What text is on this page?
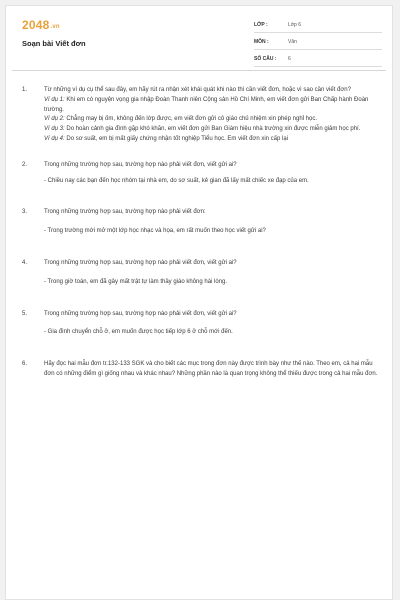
2048.vn
Soạn bài Viết đơn
LỚP :	Lớp 6
MÔN :	Văn
SỐ CÂU : 6
1.	Từ những ví dụ cụ thể sau đây, em hãy rút ra nhận xét khái quát khi nào thì cần viết đơn, hoặc vì sao cần viết đơn?

Ví dụ 1: Khi em có nguyện vọng gia nhập Đoàn Thanh niên Cộng sản Hồ Chí Minh, em viết đơn gửi Ban Chấp hành Đoàn trường.

Ví dụ 2: Chẳng may bị ốm, không đến lớp được, em viết đơn gửi cô giáo chủ nhiệm xin phép nghỉ học.

Ví dụ 3: Do hoàn cảnh gia đình gặp khó khăn, em viết đơn gửi Ban Giám hiệu nhà trường xin được miễn giảm học phí.

Ví dụ 4: Do sơ suất, em bị mất giấy chứng nhận tốt nghiệp Tiểu học. Em viết đơn xin cấp lại

2.	Trong những trường hợp sau, trường hợp nào phải viết đơn, viết gửi ai?

- Chiều nay các bạn đến học nhóm tại nhà em, do sơ suất, kẻ gian đã lấy mất chiếc xe đạp của em.
3.	Trong những trường hợp sau, trường hợp nào phải viết đơn:

- Trong trường mới mở một lớp học nhạc và họa, em rất muốn theo học viết gửi ai?
4.	Trong những trường hợp sau, trường hợp nào phải viết đơn, viết gửi ai?

- Trong giờ toán, em đã gây mất trật tự làm thầy giáo không hài lòng.
5.	Trong những trường hợp sau, trường hợp nào phải viết đơn, viết gửi ai?

- Gia đình chuyển chỗ ở, em muốn được học tiếp lớp 6 ở chỗ mới đến.
6.	Hãy đọc hai mẫu đơn tr.132-133 SGK và cho biết các mục trong đơn này được trình bày như thế nào. Theo em, cả hai mẫu đơn có những điểm gì giống nhau và khác nhau? Những phần nào là quan trọng không thể thiếu được trong cả hai mẫu đơn.
